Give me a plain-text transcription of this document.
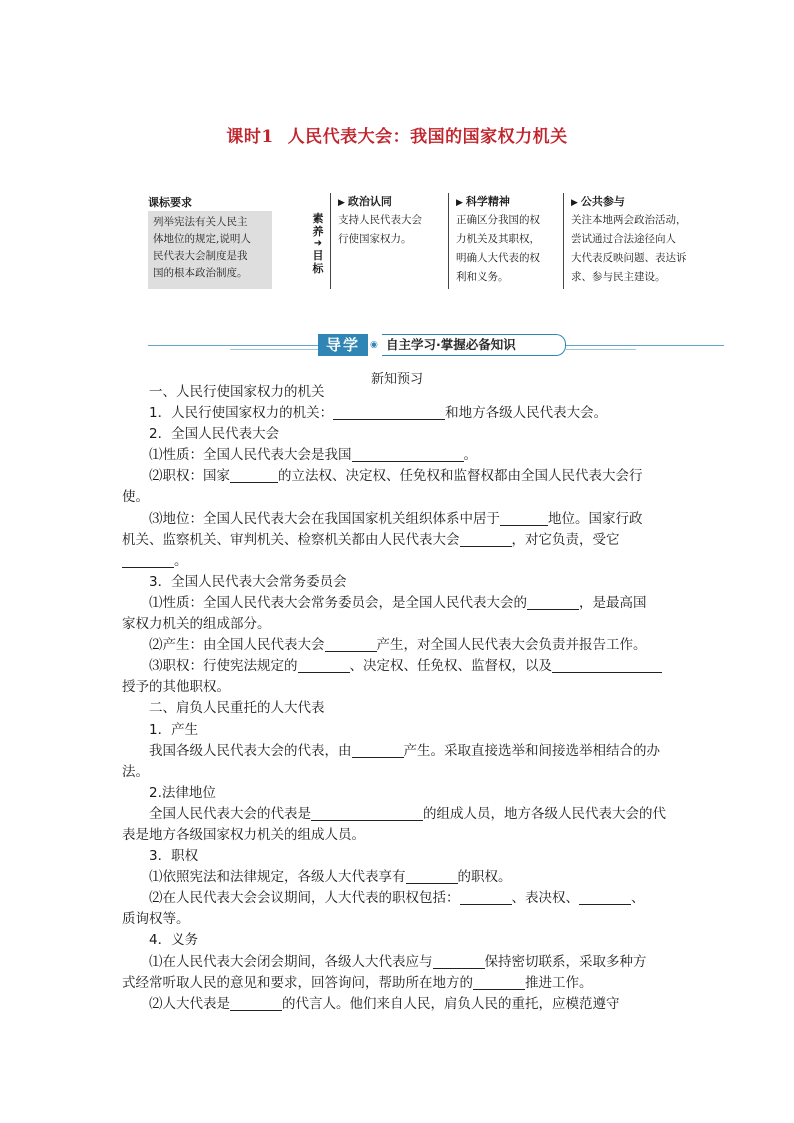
课时1 人民代表大会：我国的国家权力机关
课标要求
列举宪法有关人民主
体地位的规定,说明人
民代表大会制度是我
国的根本政治制度。
素养
➜
目标
▶ 政治认同
支持人民代表大会
行使国家权力。
▶ 科学精神
正确区分我国的权
力机关及其职权，
明确人大代表的权
利和义务。
▶ 公共参与
关注本地两会政治活动，
尝试通过合法途径向人
大代表反映问题、表达诉
求、参与民主建设。
导学	◉ 自主学习·掌握必备知识
新知预习
一、人民行使国家权力的机关
1．人民行使国家权力的机关：	和地方各级人民代表大会。
2．全国人民代表大会
⑴性质：全国人民代表大会是我国	。
⑵职权：国家	的立法权、决定权、任免权和监督权都由全国人民代表大会行
使。
⑶地位：全国人民代表大会在我国国家机关组织体系中居于	地位。国家行政
机关、监察机关、审判机关、检察机关都由人民代表大会	，对它负责，受它
。
3．全国人民代表大会常务委员会
⑴性质：全国人民代表大会常务委员会，是全国人民代表大会的	，是最高国
家权力机关的组成部分。
⑵产生：由全国人民代表大会	产生，对全国人民代表大会负责并报告工作。
⑶职权：行使宪法规定的	、决定权、任免权、监督权，以及
授予的其他职权。
二、肩负人民重托的人大代表
1．产生
我国各级人民代表大会的代表，由	产生。采取直接选举和间接选举相结合的办
法。
2.法律地位
全国人民代表大会的代表是	的组成人员，地方各级人民代表大会的代
表是地方各级国家权力机关的组成人员。
3．职权
⑴依照宪法和法律规定，各级人大代表享有	的职权。
⑵在人民代表大会会议期间，人大代表的职权包括：	、表决权、	、
质询权等。
4．义务
⑴在人民代表大会闭会期间，各级人大代表应与	保持密切联系，采取多种方
式经常听取人民的意见和要求，回答询问，帮助所在地方的	推进工作。
⑵人大代表是	的代言人。他们来自人民，肩负人民的重托，应模范遵守
